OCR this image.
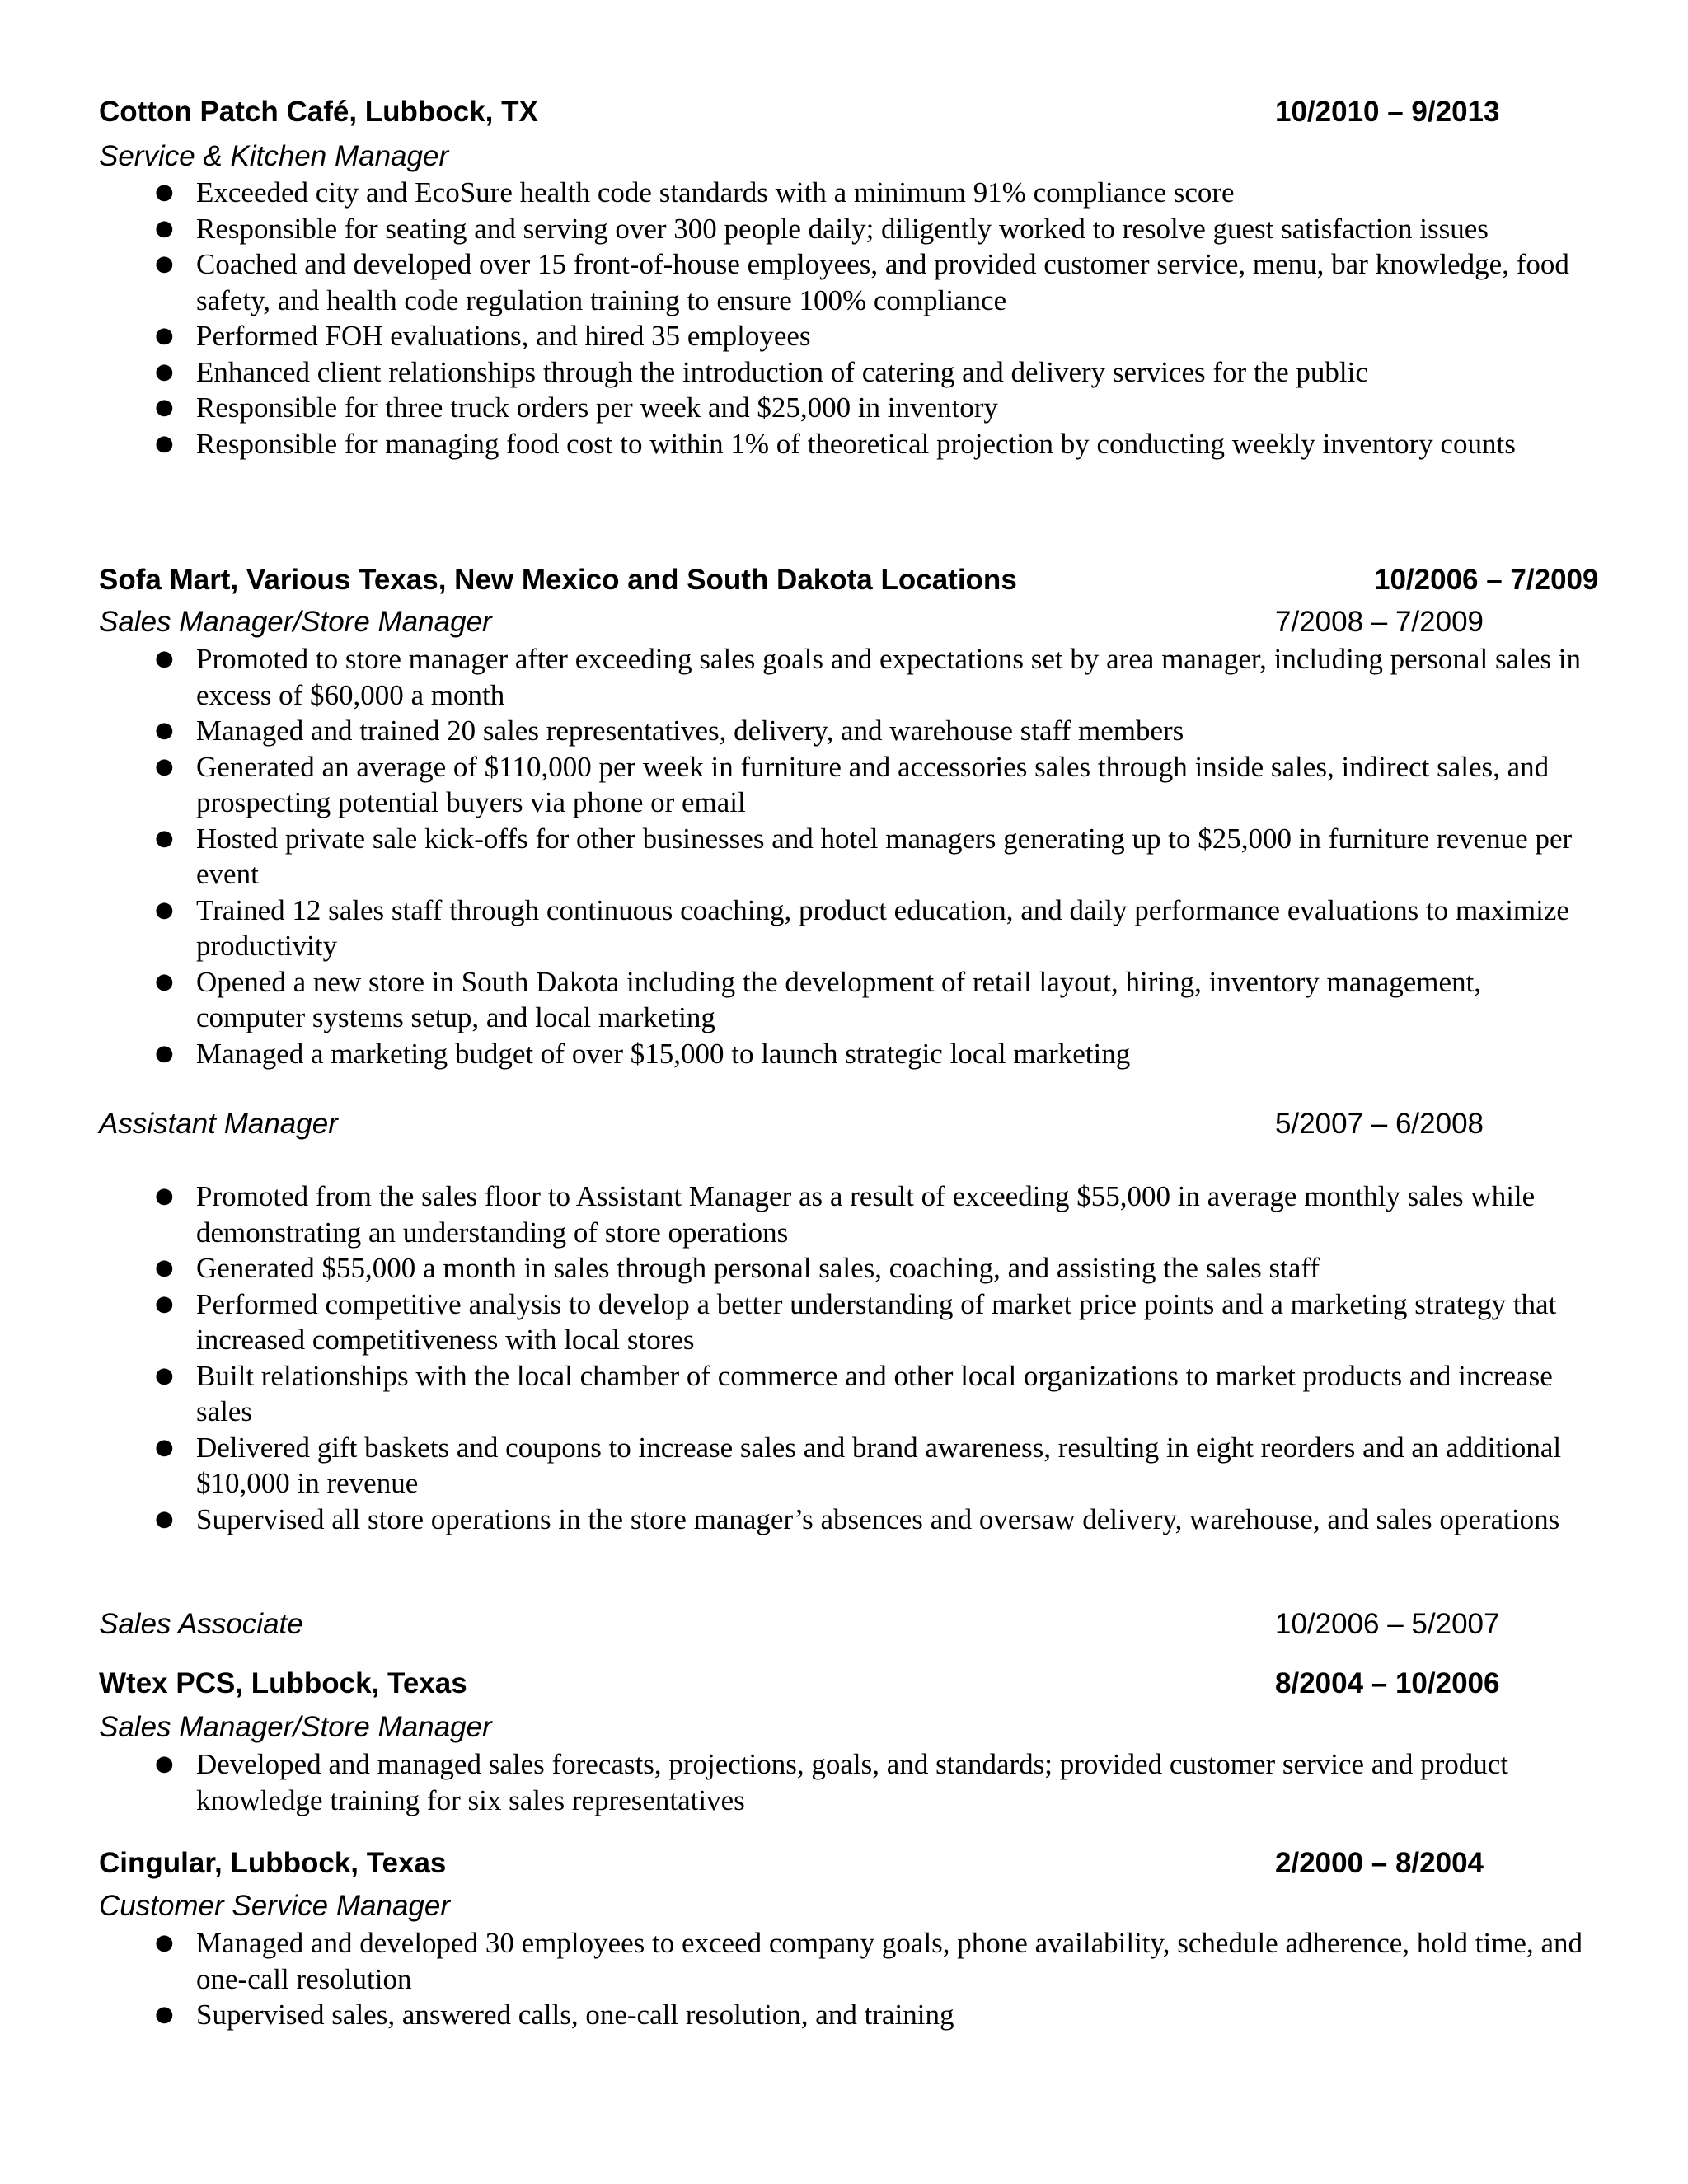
Cotton Patch Café, Lubbock, TX	10/2010 – 9/2013
Service & Kitchen Manager
● Exceeded city and EcoSure health code standards with a minimum 91% compliance score
● Responsible for seating and serving over 300 people daily; diligently worked to resolve guest satisfaction issues
● Coached and developed over 15 front-of-house employees, and provided customer service, menu, bar knowledge, food safety, and health code regulation training to ensure 100% compliance
● Performed FOH evaluations, and hired 35 employees
● Enhanced client relationships through the introduction of catering and delivery services for the public
● Responsible for three truck orders per week and $25,000 in inventory
● Responsible for managing food cost to within 1% of theoretical projection by conducting weekly inventory counts
Sofa Mart, Various Texas, New Mexico and South Dakota Locations	10/2006 – 7/2009
Sales Manager/Store Manager	7/2008 – 7/2009
● Promoted to store manager after exceeding sales goals and expectations set by area manager, including personal sales in excess of $60,000 a month
● Managed and trained 20 sales representatives, delivery, and warehouse staff members
● Generated an average of $110,000 per week in furniture and accessories sales through inside sales, indirect sales, and prospecting potential buyers via phone or email
● Hosted private sale kick-offs for other businesses and hotel managers generating up to $25,000 in furniture revenue per event
● Trained 12 sales staff through continuous coaching, product education, and daily performance evaluations to maximize productivity
● Opened a new store in South Dakota including the development of retail layout, hiring, inventory management, computer systems setup, and local marketing
● Managed a marketing budget of over $15,000 to launch strategic local marketing
Assistant Manager	5/2007 – 6/2008
● Promoted from the sales floor to Assistant Manager as a result of exceeding $55,000 in average monthly sales while demonstrating an understanding of store operations
● Generated $55,000 a month in sales through personal sales, coaching, and assisting the sales staff
● Performed competitive analysis to develop a better understanding of market price points and a marketing strategy that increased competitiveness with local stores
● Built relationships with the local chamber of commerce and other local organizations to market products and increase sales
● Delivered gift baskets and coupons to increase sales and brand awareness, resulting in eight reorders and an additional $10,000 in revenue
● Supervised all store operations in the store manager’s absences and oversaw delivery, warehouse, and sales operations
Sales Associate	10/2006 – 5/2007
Wtex PCS, Lubbock, Texas	8/2004 – 10/2006
Sales Manager/Store Manager
● Developed and managed sales forecasts, projections, goals, and standards; provided customer service and product knowledge training for six sales representatives
Cingular, Lubbock, Texas	2/2000 – 8/2004
Customer Service Manager
● Managed and developed 30 employees to exceed company goals, phone availability, schedule adherence, hold time, and one-call resolution
● Supervised sales, answered calls, one-call resolution, and training
